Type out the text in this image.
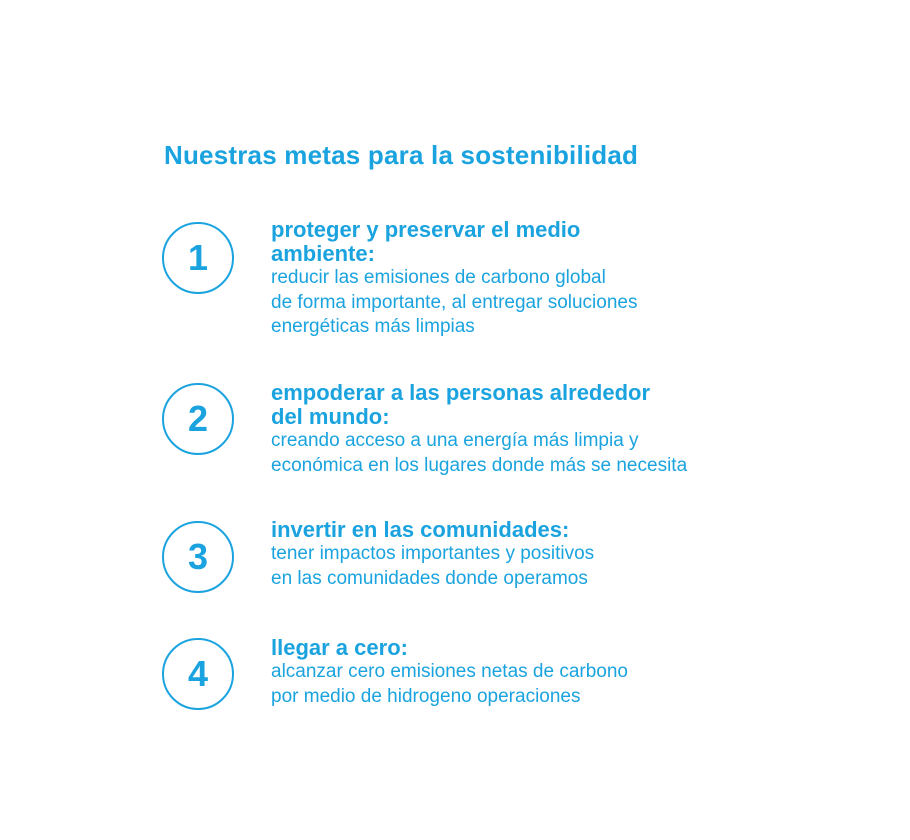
Nuestras metas para la sostenibilidad
1
proteger y preservar el medio
ambiente:
reducir las emisiones de carbono global
de forma importante, al entregar soluciones
energéticas más limpias
2
empoderar a las personas alrededor
del mundo:
creando acceso a una energía más limpia y
económica en los lugares donde más se necesita
3
invertir en las comunidades:
tener impactos importantes y positivos
en las comunidades donde operamos
4
llegar a cero:
alcanzar cero emisiones netas de carbono
por medio de hidrogeno operaciones
